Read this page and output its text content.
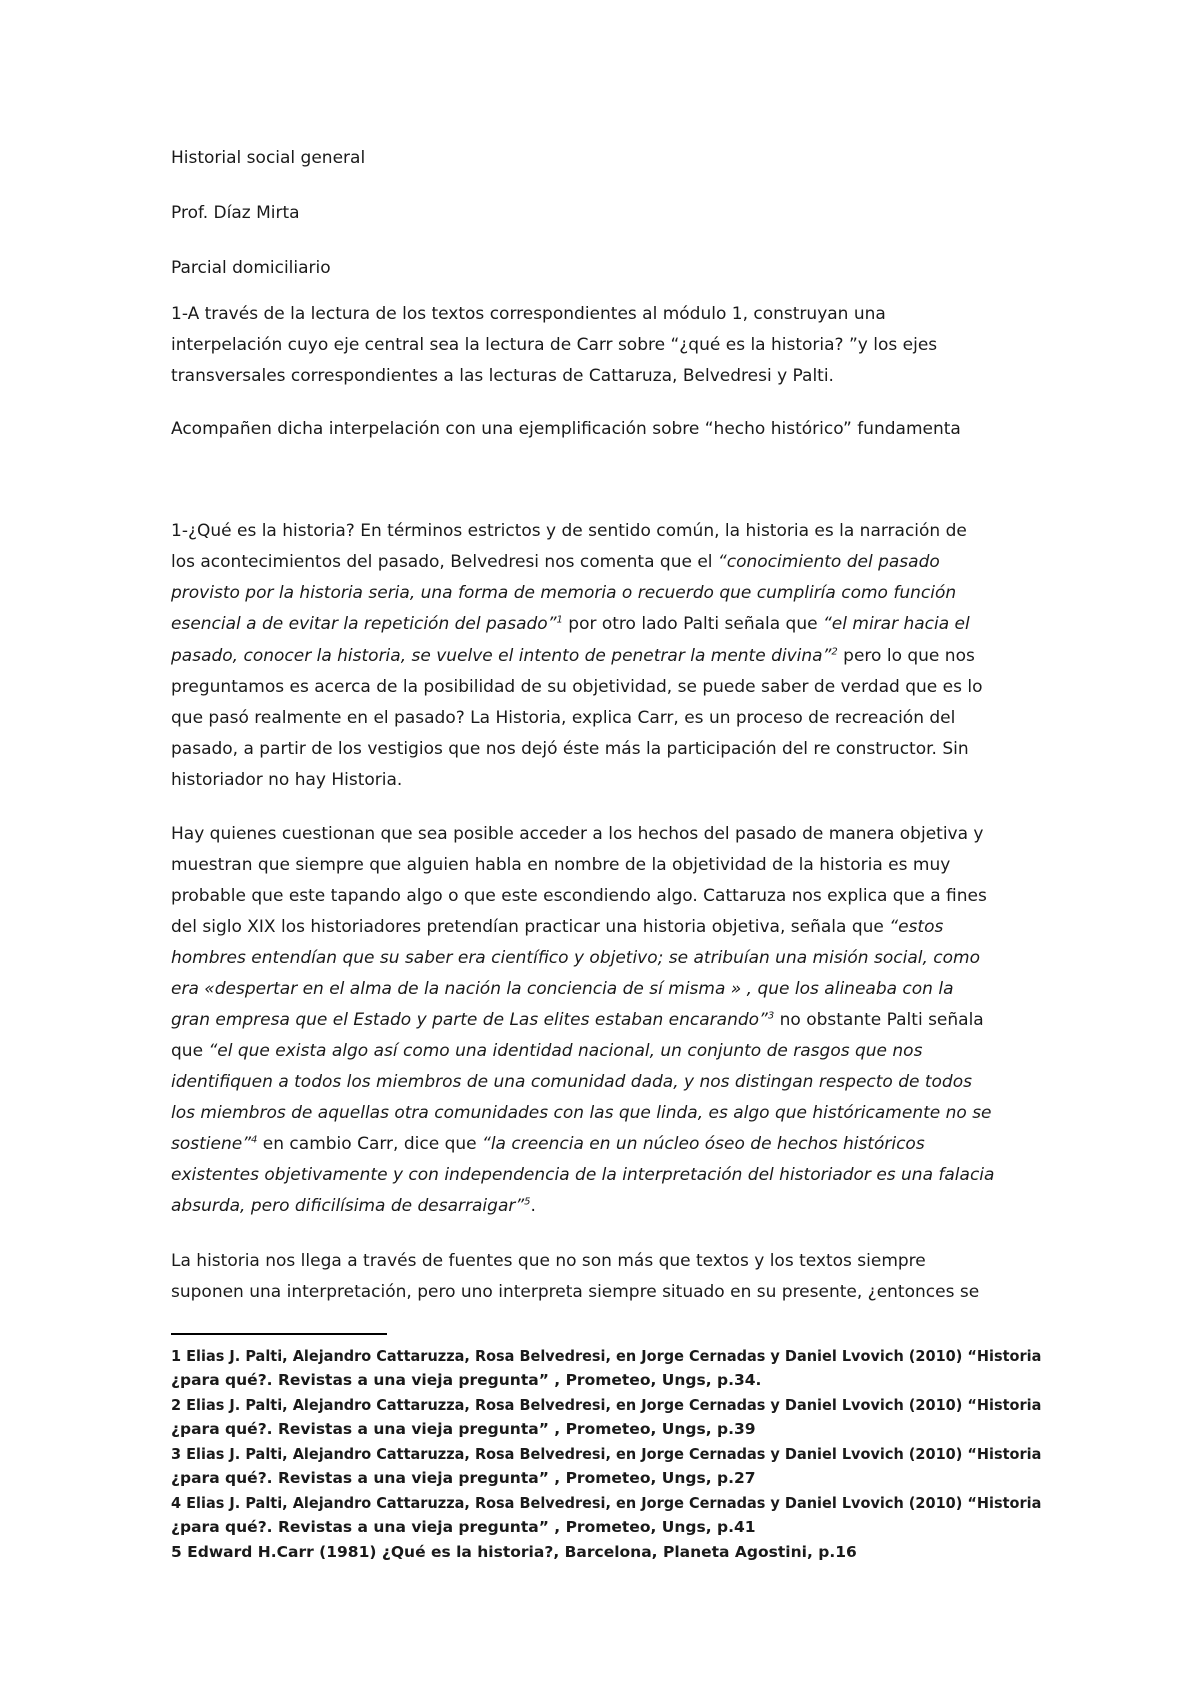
Historial social general
Prof. Díaz Mirta
Parcial domiciliario
1-A través de la lectura de los textos correspondientes al módulo 1, construyan una
interpelación cuyo eje central sea la lectura de Carr sobre “¿qué es la historia? ”y los ejes
transversales correspondientes a las lecturas de Cattaruza, Belvedresi y Palti.
Acompañen dicha interpelación con una ejemplificación sobre “hecho histórico” fundamenta
1-¿Qué es la historia? En términos estrictos y de sentido común, la historia es la narración de
los acontecimientos del pasado, Belvedresi nos comenta que el “conocimiento del pasado
provisto por la historia seria, una forma de memoria o recuerdo que cumpliría como función
esencial a de evitar la repetición del pasado”$^1$ por otro lado Palti señala que “el mirar hacia el
pasado, conocer la historia, se vuelve el intento de penetrar la mente divina”$^2$ pero lo que nos
preguntamos es acerca de la posibilidad de su objetividad, se puede saber de verdad que es lo
que pasó realmente en el pasado? La Historia, explica Carr, es un proceso de recreación del
pasado, a partir de los vestigios que nos dejó éste más la participación del re constructor. Sin
historiador no hay Historia.
Hay quienes cuestionan que sea posible acceder a los hechos del pasado de manera objetiva y
muestran que siempre que alguien habla en nombre de la objetividad de la historia es muy
probable que este tapando algo o que este escondiendo algo. Cattaruza nos explica que a fines
del siglo XIX los historiadores pretendían practicar una historia objetiva, señala que “estos
hombres entendían que su saber era científico y objetivo; se atribuían una misión social, como
era «despertar en el alma de la nación la conciencia de sí misma » , que los alineaba con la
gran empresa que el Estado y parte de Las elites estaban encarando”$^3$ no obstante Palti señala
que “el que exista algo así como una identidad nacional, un conjunto de rasgos que nos
identifiquen a todos los miembros de una comunidad dada, y nos distingan respecto de todos
los miembros de aquellas otra comunidades con las que linda, es algo que históricamente no se
sostiene”$^4$ en cambio Carr, dice que “la creencia en un núcleo óseo de hechos históricos
existentes objetivamente y con independencia de la interpretación del historiador es una falacia
absurda, pero dificilísima de desarraigar”$^5$.
La historia nos llega a través de fuentes que no son más que textos y los textos siempre
suponen una interpretación, pero uno interpreta siempre situado en su presente, ¿entonces se
1 Elias J. Palti, Alejandro Cattaruzza, Rosa Belvedresi, en Jorge Cernadas y Daniel Lvovich (2010) “Historia
¿para qué?. Revistas a una vieja pregunta” , Prometeo, Ungs, p.34.
2 Elias J. Palti, Alejandro Cattaruzza, Rosa Belvedresi, en Jorge Cernadas y Daniel Lvovich (2010) “Historia
¿para qué?. Revistas a una vieja pregunta” , Prometeo, Ungs, p.39
3 Elias J. Palti, Alejandro Cattaruzza, Rosa Belvedresi, en Jorge Cernadas y Daniel Lvovich (2010) “Historia
¿para qué?. Revistas a una vieja pregunta” , Prometeo, Ungs, p.27
4 Elias J. Palti, Alejandro Cattaruzza, Rosa Belvedresi, en Jorge Cernadas y Daniel Lvovich (2010) “Historia
¿para qué?. Revistas a una vieja pregunta” , Prometeo, Ungs, p.41
5 Edward H.Carr (1981) ¿Qué es la historia?, Barcelona, Planeta Agostini, p.16
